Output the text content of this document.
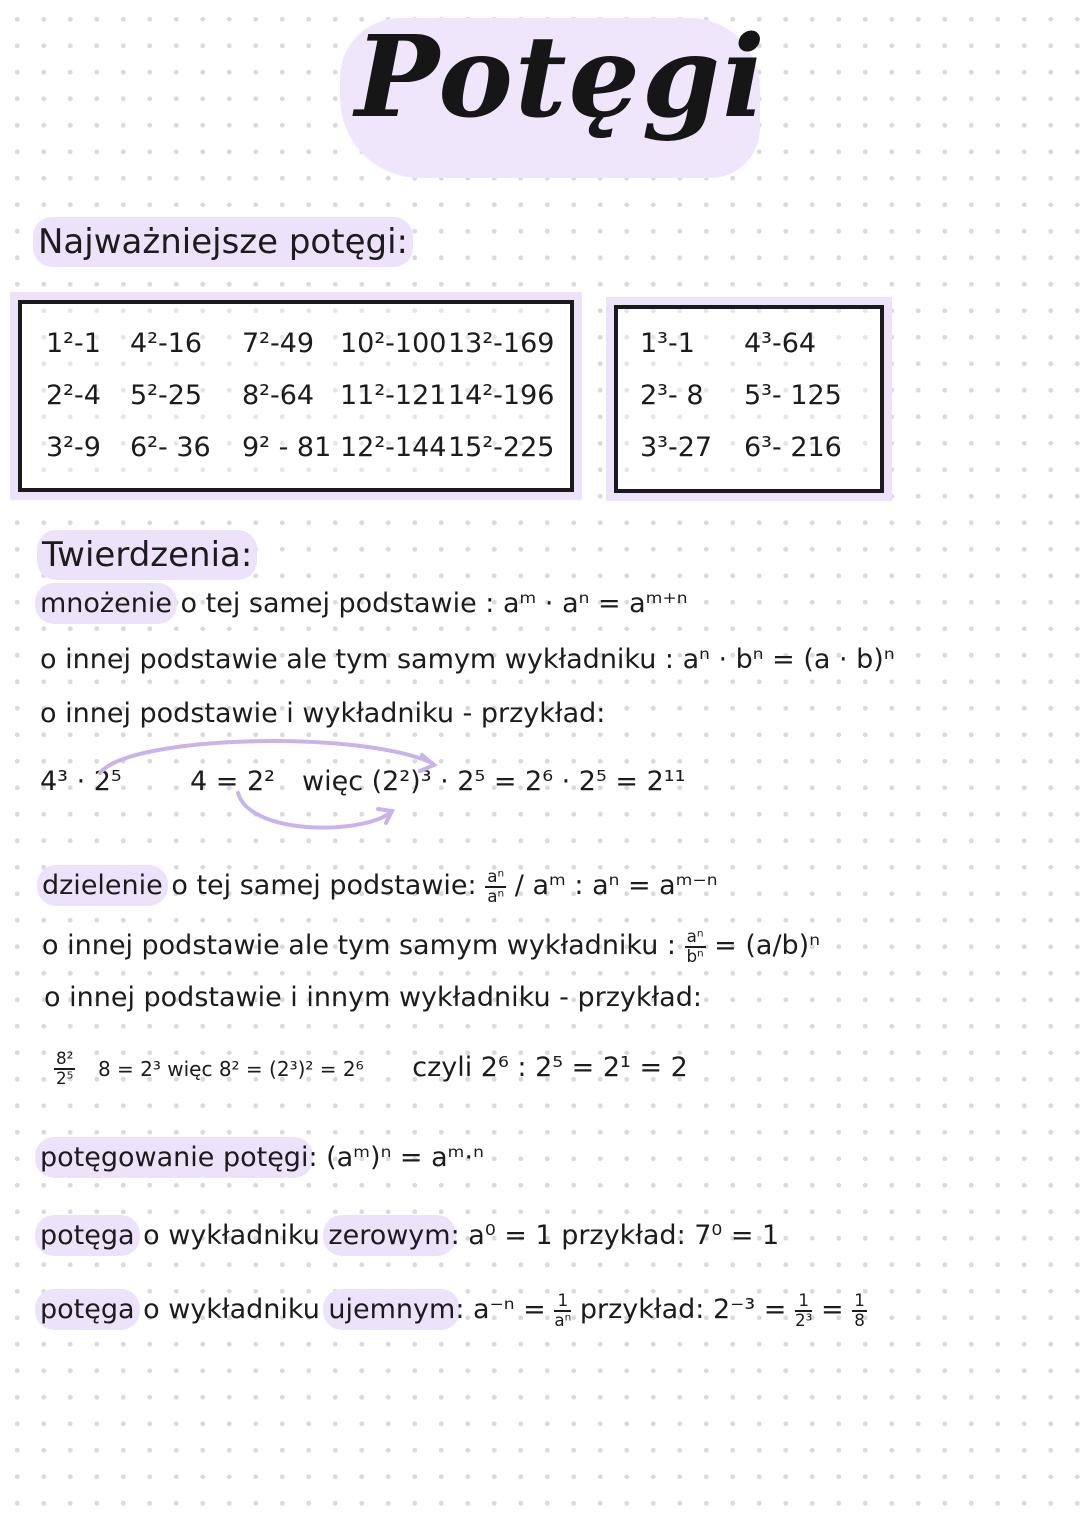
Potęgi
Najważniejsze potęgi:
1²-1 4²-16 7²-49 10²-100 13²-169
2²-4 5²-25 8²-64 11²-121 14²-196
3²-9 6²- 36 9² - 81 12²-144 15²-225
1³-1 4³-64
2³- 8 5³- 125
3³-27 6³- 216
Twierdzenia:
mnożenie o tej samej podstawie : aᵐ · aⁿ = aᵐ⁺ⁿ
o innej podstawie ale tym samym wykładniku : aⁿ · bⁿ = (a · b)ⁿ
o innej podstawie i wykładniku - przykład:
4³ · 2⁵	4 = 2² więc (2²)³ · 2⁵ = 2⁶ · 2⁵ = 2¹¹
dzielenie o tej samej podstawie: $\frac{\text{aⁿ}}{\text{aⁿ}}$ / aᵐ : aⁿ = aᵐ⁻ⁿ
o innej podstawie ale tym samym wykładniku : $\frac{\text{aⁿ}}{\text{bⁿ}} = (a/b)^n$
o innej podstawie i innym wykładniku - przykład:
$\frac{\text{8²}}{\text{2⁵}} 8 = 2^3$ więc 8² = (2³)² = 2⁶ czyli 2⁶ : 2⁵ = 2¹ = 2
potęgowanie potęgi: (aᵐ)ⁿ = aᵐ·ⁿ
potęga o wykładniku zerowym: a⁰ = 1 przykład: 7⁰ = 1
potęga o wykładniku ujemnym: $a^{-n} = \frac{1}{\text{aⁿ}}$ przykład: $2^{-3} = \frac{1}{\text{2³}} = \frac{1}{8}$
